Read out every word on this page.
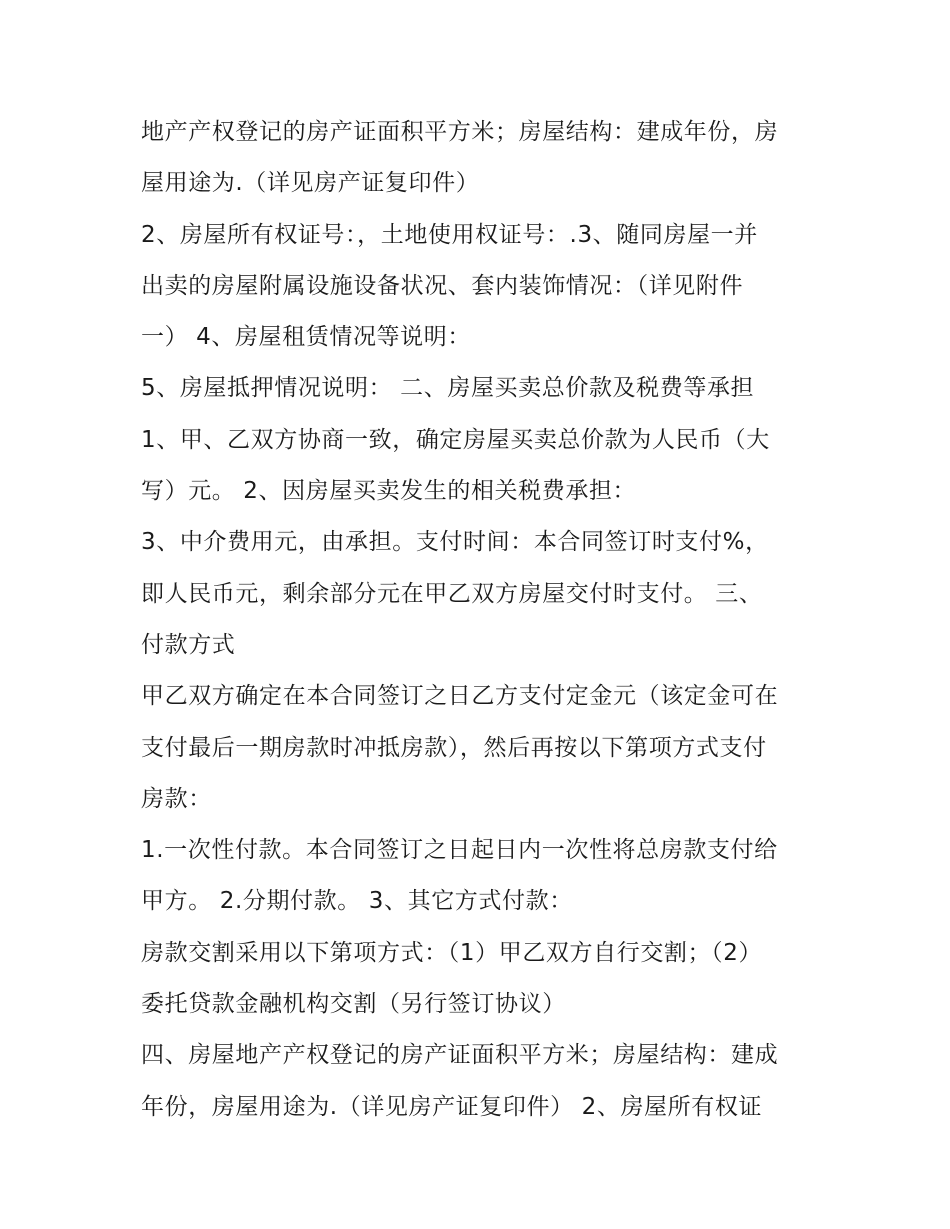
地产产权登记的房产证面积平方米；房屋结构：建成年份，房
屋用途为.（详见房产证复印件）
2、房屋所有权证号：，土地使用权证号：.3、随同房屋一并
出卖的房屋附属设施设备状况、套内装饰情况：（详见附件
一） 4、房屋租赁情况等说明：
5、房屋抵押情况说明： 二、房屋买卖总价款及税费等承担
1、甲、乙双方协商一致，确定房屋买卖总价款为人民币（大
写）元。 2、因房屋买卖发生的相关税费承担：
3、中介费用元，由承担。支付时间：本合同签订时支付%，
即人民币元，剩余部分元在甲乙双方房屋交付时支付。 三、
付款方式
甲乙双方确定在本合同签订之日乙方支付定金元（该定金可在
支付最后一期房款时冲抵房款），然后再按以下第项方式支付
房款：
1.一次性付款。本合同签订之日起日内一次性将总房款支付给
甲方。 2.分期付款。 3、其它方式付款：
房款交割采用以下第项方式：（1）甲乙双方自行交割；（2）
委托贷款金融机构交割（另行签订协议）
四、房屋地产产权登记的房产证面积平方米；房屋结构：建成
年份，房屋用途为.（详见房产证复印件） 2、房屋所有权证
